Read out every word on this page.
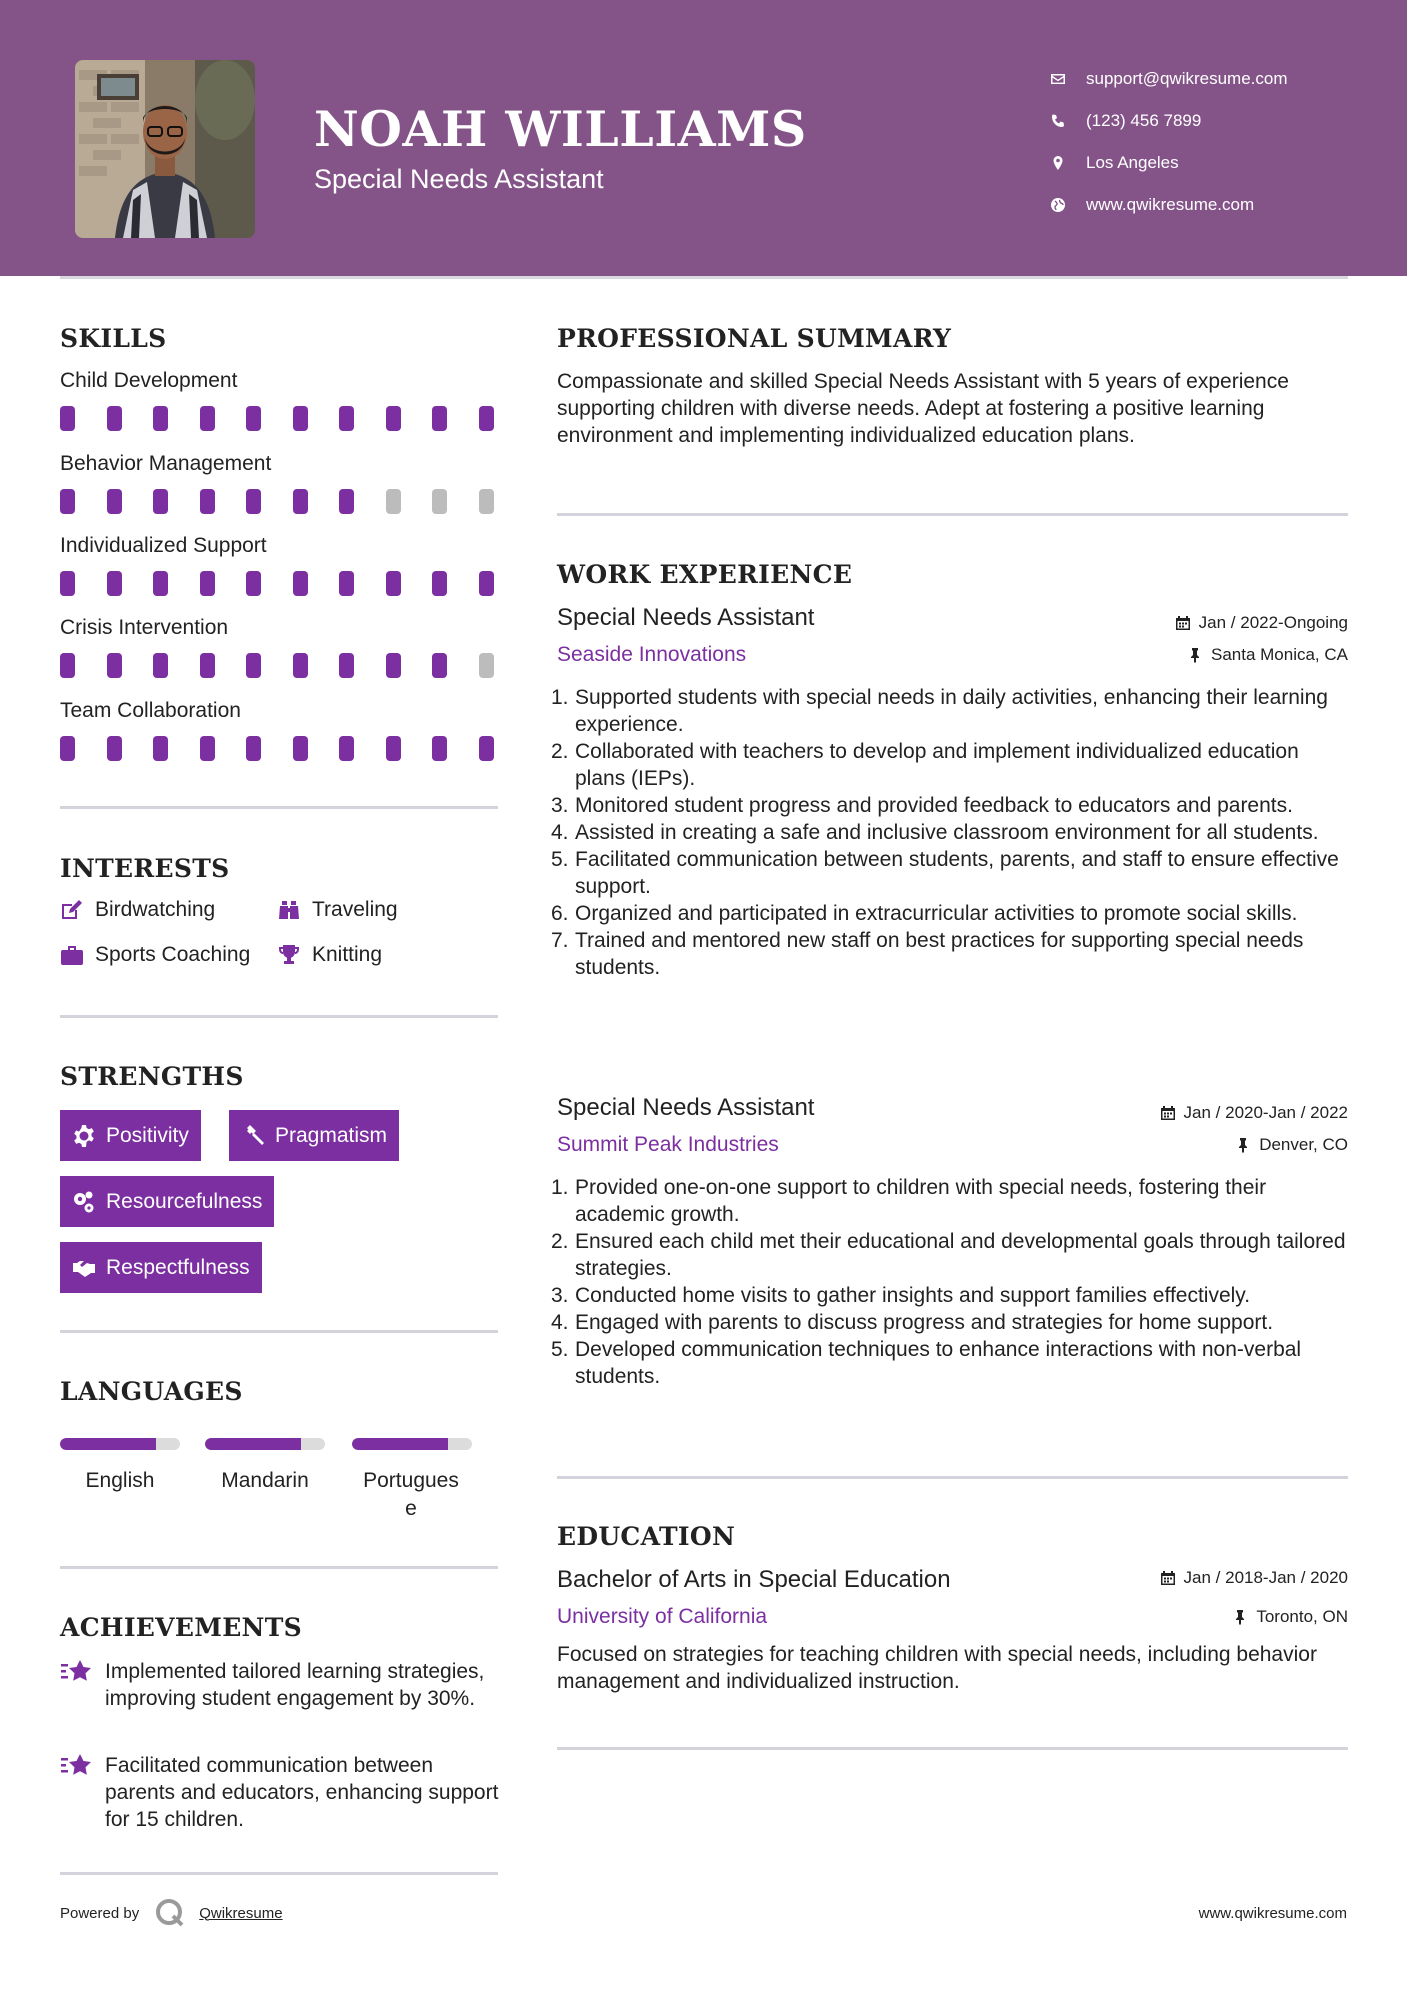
NOAH WILLIAMS
Special Needs Assistant
support@qwikresume.com
(123) 456 7899
Los Angeles
www.qwikresume.com
SKILLS
Child Development
Behavior Management
Individualized Support
Crisis Intervention
Team Collaboration
INTERESTS
Birdwatching	Traveling
Sports Coaching	Knitting
STRENGTHS
Positivity	Pragmatism
Resourcefulness
Respectfulness
LANGUAGES
English	Mandarin	Portuguese
ACHIEVEMENTS
Implemented tailored learning strategies, improving student engagement by 30%.
Facilitated communication between parents and educators, enhancing support for 15 children.
Powered by	Qwikresume	www.qwikresume.com
PROFESSIONAL SUMMARY
Compassionate and skilled Special Needs Assistant with 5 years of experience supporting children with diverse needs. Adept at fostering a positive learning environment and implementing individualized education plans.
WORK EXPERIENCE
Special Needs Assistant	Jan / 2022-Ongoing
Seaside Innovations	Santa Monica, CA
1. Supported students with special needs in daily activities, enhancing their learning experience.
2. Collaborated with teachers to develop and implement individualized education plans (IEPs).
3. Monitored student progress and provided feedback to educators and parents.
4. Assisted in creating a safe and inclusive classroom environment for all students.
5. Facilitated communication between students, parents, and staff to ensure effective support.
6. Organized and participated in extracurricular activities to promote social skills.
7. Trained and mentored new staff on best practices for supporting special needs students.
Special Needs Assistant	Jan / 2020-Jan / 2022
Summit Peak Industries	Denver, CO
1. Provided one-on-one support to children with special needs, fostering their academic growth.
2. Ensured each child met their educational and developmental goals through tailored strategies.
3. Conducted home visits to gather insights and support families effectively.
4. Engaged with parents to discuss progress and strategies for home support.
5. Developed communication techniques to enhance interactions with non-verbal students.
EDUCATION
Bachelor of Arts in Special Education	Jan / 2018-Jan / 2020
University of California	Toronto, ON
Focused on strategies for teaching children with special needs, including behavior management and individualized instruction.
